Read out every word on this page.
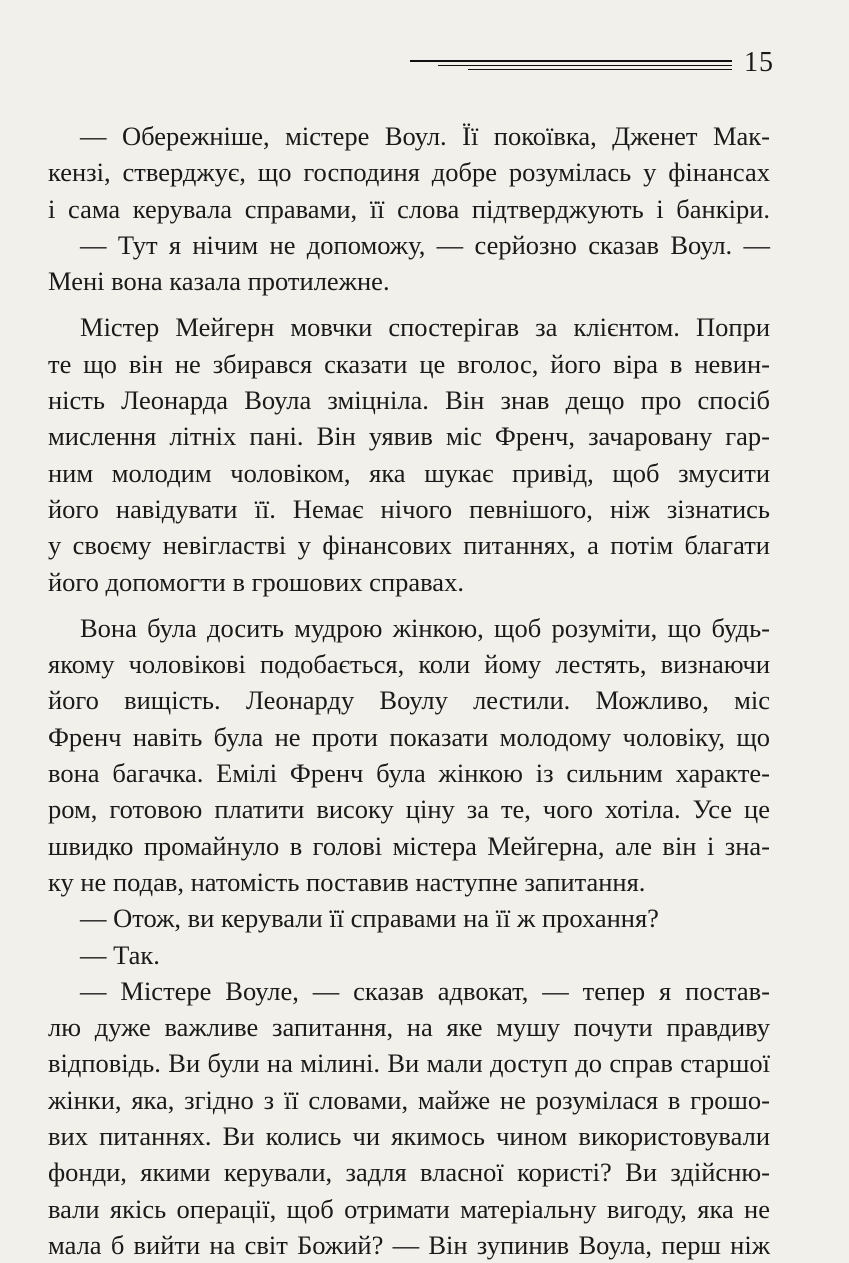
15
— Обережніше, містере Воул. Її покоївка, Дженет Мак-
кензі, стверджує, що господиня добре розумілась у фінансах
і сама керувала справами, її слова підтверджують і банкіри.
— Тут я нічим не допоможу, — серйозно сказав Воул. —
Мені вона казала протилежне.
Містер Мейгерн мовчки спостерігав за клієнтом. Попри
те що він не збирався сказати це вголос, його віра в невин-
ність Леонарда Воула зміцніла. Він знав дещо про спосіб
мислення літніх пані. Він уявив міс Френч, зачаровану гар-
ним молодим чоловіком, яка шукає привід, щоб змусити
його навідувати її. Немає нічого певнішого, ніж зізнатись
у своєму невігластві у фінансових питаннях, а потім благати
його допомогти в грошових справах.
Вона була досить мудрою жінкою, щоб розуміти, що будь-
якому чоловікові подобається, коли йому лестять, визнаючи
його вищість. Леонарду Воулу лестили. Можливо, міс
Френч навіть була не проти показати молодому чоловіку, що
вона багачка. Емілі Френч була жінкою із сильним характе-
ром, готовою платити високу ціну за те, чого хотіла. Усе це
швидко промайнуло в голові містера Мейгерна, але він і зна-
ку не подав, натомість поставив наступне запитання.
— Отож, ви керували її справами на її ж прохання?
— Так.
— Містере Воуле, — сказав адвокат, — тепер я постав-
лю дуже важливе запитання, на яке мушу почути правдиву
відповідь. Ви були на мілині. Ви мали доступ до справ старшої
жінки, яка, згідно з її словами, майже не розумілася в грошо-
вих питаннях. Ви колись чи якимось чином використовували
фонди, якими керували, задля власної користі? Ви здійсню-
вали якісь операції, щоб отримати матеріальну вигоду, яка не
мала б вийти на світ Божий? — Він зупинив Воула, перш ніж
